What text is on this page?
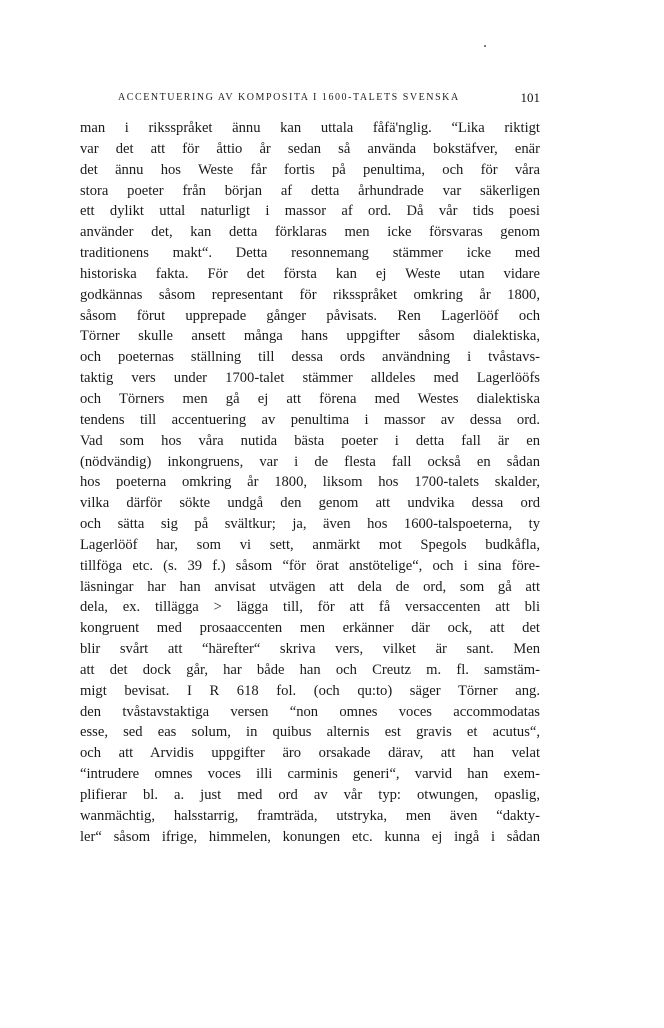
ACCENTUERING AV KOMPOSITA I 1600-TALETS SVENSKA	101
man i riksspråket ännu kan uttala fåfä'nglig. “Lika riktigt
var det att för åttio år sedan så använda bokstäfver, enär
det ännu hos Weste får fortis på penultima, och för våra
stora poeter från början af detta århundrade var säkerligen
ett dylikt uttal naturligt i massor af ord. Då vår tids poesi
använder det, kan detta förklaras men icke försvaras genom
traditionens makt“. Detta resonnemang stämmer icke med
historiska fakta. För det första kan ej Weste utan vidare
godkännas såsom representant för riksspråket omkring år 1800,
såsom förut upprepade gånger påvisats. Ren Lagerlööf och
Törner skulle ansett många hans uppgifter såsom dialektiska,
och poeternas ställning till dessa ords användning i tvåstavs-
taktig vers under 1700-talet stämmer alldeles med Lagerlööfs
och Törners men gå ej att förena med Westes dialektiska
tendens till accentuering av penultima i massor av dessa ord.
Vad som hos våra nutida bästa poeter i detta fall är en
(nödvändig) inkongruens, var i de flesta fall också en sådan
hos poeterna omkring år 1800, liksom hos 1700-talets skalder,
vilka därför sökte undgå den genom att undvika dessa ord
och sätta sig på svältkur; ja, även hos 1600-talspoeterna, ty
Lagerlööf har, som vi sett, anmärkt mot Spegols budkåfla,
tillföga etc. (s. 39 f.) såsom “för örat anstötelige“, och i sina före-
läsningar har han anvisat utvägen att dela de ord, som gå att
dela, ex. tillägga > lägga till, för att få versaccenten att bli
kongruent med prosaaccenten men erkänner där ock, att det
blir svårt att “härefter“ skriva vers, vilket är sant. Men
att det dock går, har både han och Creutz m. fl. samstäm-
migt bevisat. I R 618 fol. (och qu:to) säger Törner ang.
den tvåstavstaktiga versen “non omnes voces accommodatas
esse, sed eas solum, in quibus alternis est gravis et acutus“,
och att Arvidis uppgifter äro orsakade därav, att han velat
“intrudere omnes voces illi carminis generi“, varvid han exem-
plifierar bl. a. just med ord av vår typ: otwungen, opaslig,
wanmächtig, halsstarrig, framträda, utstryka, men även “dakty-
ler“ såsom ifrige, himmelen, konungen etc. kunna ej ingå i sådan
